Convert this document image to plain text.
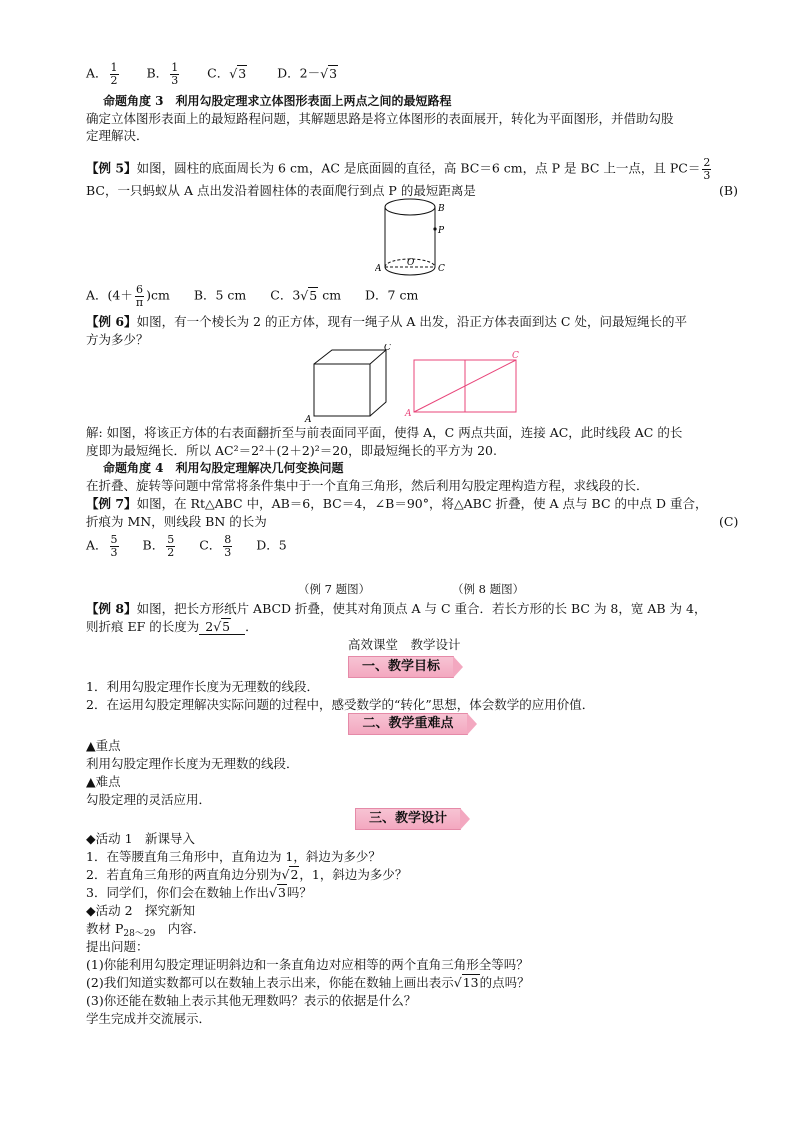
A． $\frac{1}{2}$ B． $\frac{1}{3}$ C．√3 D．2－√3
命题角度 3　利用勾股定理求立体图形表面上两点之间的最短路程
确定立体图形表面上的最短路程问题，其解题思路是将立体图形的表面展开，转化为平面图形，并借助勾股
定理解决．
【例 5】如图，圆柱的底面周长为 6 cm，AC 是底面圆的直径，高 BC＝6 cm，点 P 是 BC 上一点，且 $PC= \frac{2}{3}$
BC，一只蚂蚁从 A 点出发沿着圆柱体的表面爬行到点 P 的最短距离是	(B)
B
P
A
O
C
A．$(4+ \frac{6}{\pi} )cm$ B．5 cm C．3√5 cm D．7 cm
【例 6】如图，有一个棱长为 2 的正方体，现有一绳子从 A 出发，沿正方体表面到达 C 处，问最短绳长的平
方为多少？
C
A
C
A
解: 如图，将该正方体的右表面翻折至与前表面同平面，使得 A，C 两点共面，连接 AC，此时线段 AC 的长
度即为最短绳长．所以 AC²＝2²＋(2＋2)²＝20，即最短绳长的平方为 20.
命题角度 4　利用勾股定理解决几何变换问题
在折叠、旋转等问题中常常将条件集中于一个直角三角形，然后利用勾股定理构造方程，求线段的长．
【例 7】如图，在 Rt△ABC 中，AB＝6，BC＝4，∠B＝90°，将△ABC 折叠，使 A 点与 BC 的中点 D 重合，
折痕为 MN，则线段 BN 的长为	(C)
A． $\frac{5}{3}$ B． $\frac{5}{2}$ C． $\frac{8}{3}$ D．5
（例 7 题图）	（例 8 题图）
【例 8】如图，把长方形纸片 ABCD 折叠，使其对角顶点 A 与 C 重合．若长方形的长 BC 为 8，宽 AB 为 4，
则折痕 EF 的长度为 2√5 ．
高效课堂　教学设计
一、教学目标
1．利用勾股定理作长度为无理数的线段．
2．在运用勾股定理解决实际问题的过程中，感受数学的“转化”思想，体会数学的应用价值．
二、教学重难点
▲重点
利用勾股定理作长度为无理数的线段．
▲难点
勾股定理的灵活应用．
三、教学设计
◆活动 1　新课导入
1．在等腰直角三角形中，直角边为 1，斜边为多少？
2．若直角三角形的两直角边分别为√2，1，斜边为多少？
3．同学们，你们会在数轴上作出√3吗？
◆活动 2　探究新知
教材 $P_{28\sim 29}$　内容．
提出问题：
(1)你能利用勾股定理证明斜边和一条直角边对应相等的两个直角三角形全等吗？
(2)我们知道实数都可以在数轴上表示出来，你能在数轴上画出表示√13的点吗？
(3)你还能在数轴上表示其他无理数吗？表示的依据是什么？
学生完成并交流展示．
